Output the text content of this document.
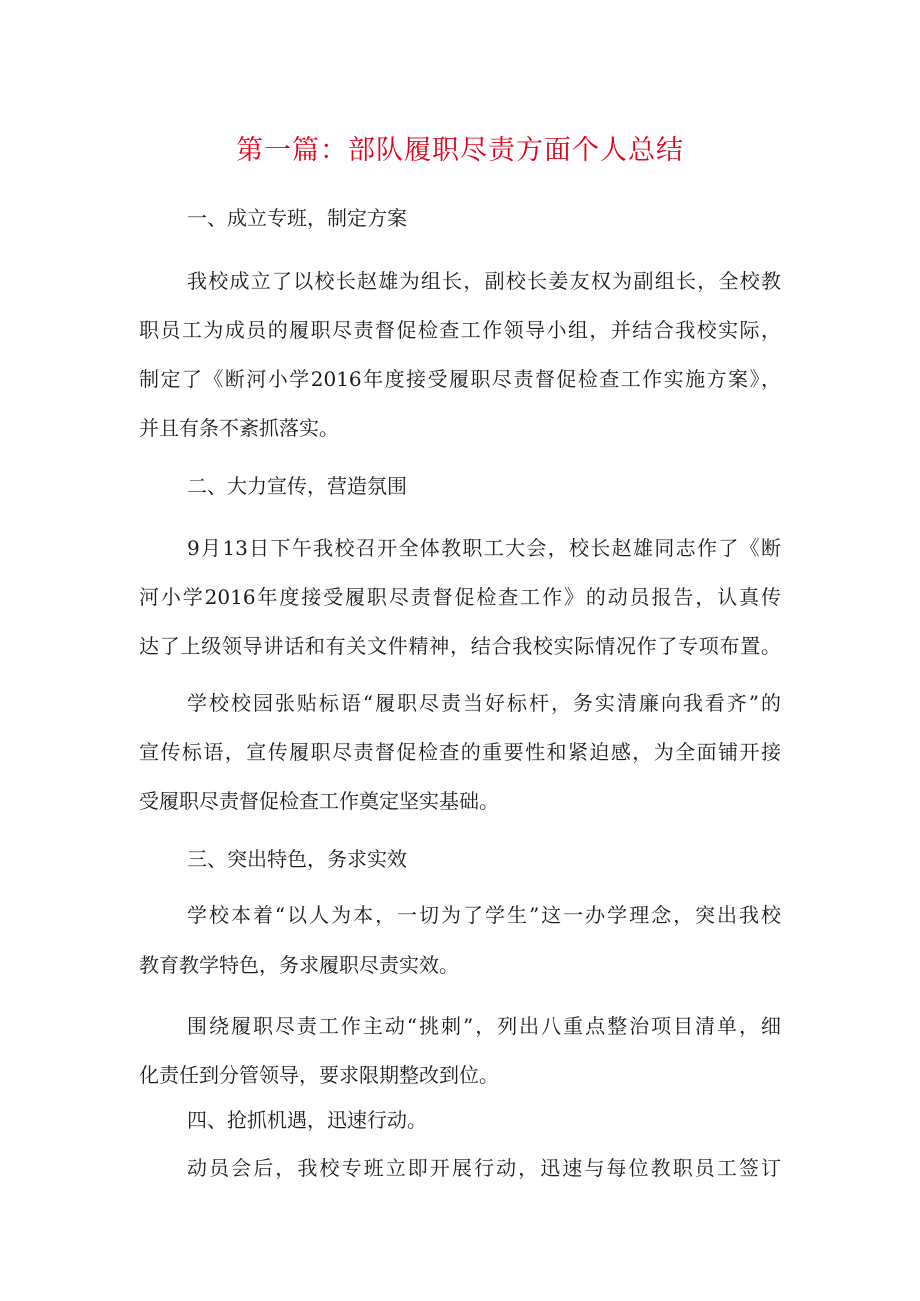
第一篇：部队履职尽责方面个人总结

一、成立专班，制定方案

我校成立了以校长赵雄为组长，副校长姜友权为副组长，全校教

职员工为成员的履职尽责督促检查工作领导小组，并结合我校实际，

制定了《断河小学2016年度接受履职尽责督促检查工作实施方案》，

并且有条不紊抓落实。

二、大力宣传，营造氛围

9月13日下午我校召开全体教职工大会，校长赵雄同志作了《断

河小学2016年度接受履职尽责督促检查工作》的动员报告，认真传

达了上级领导讲话和有关文件精神，结合我校实际情况作了专项布置。

学校校园张贴标语“履职尽责当好标杆，务实清廉向我看齐”的

宣传标语，宣传履职尽责督促检查的重要性和紧迫感，为全面铺开接

受履职尽责督促检查工作奠定坚实基础。

三、突出特色，务求实效

学校本着“以人为本，一切为了学生”这一办学理念，突出我校

教育教学特色，务求履职尽责实效。

围绕履职尽责工作主动“挑刺”，列出八重点整治项目清单，细

化责任到分管领导，要求限期整改到位。

四、抢抓机遇，迅速行动。

动员会后，我校专班立即开展行动，迅速与每位教职员工签订
